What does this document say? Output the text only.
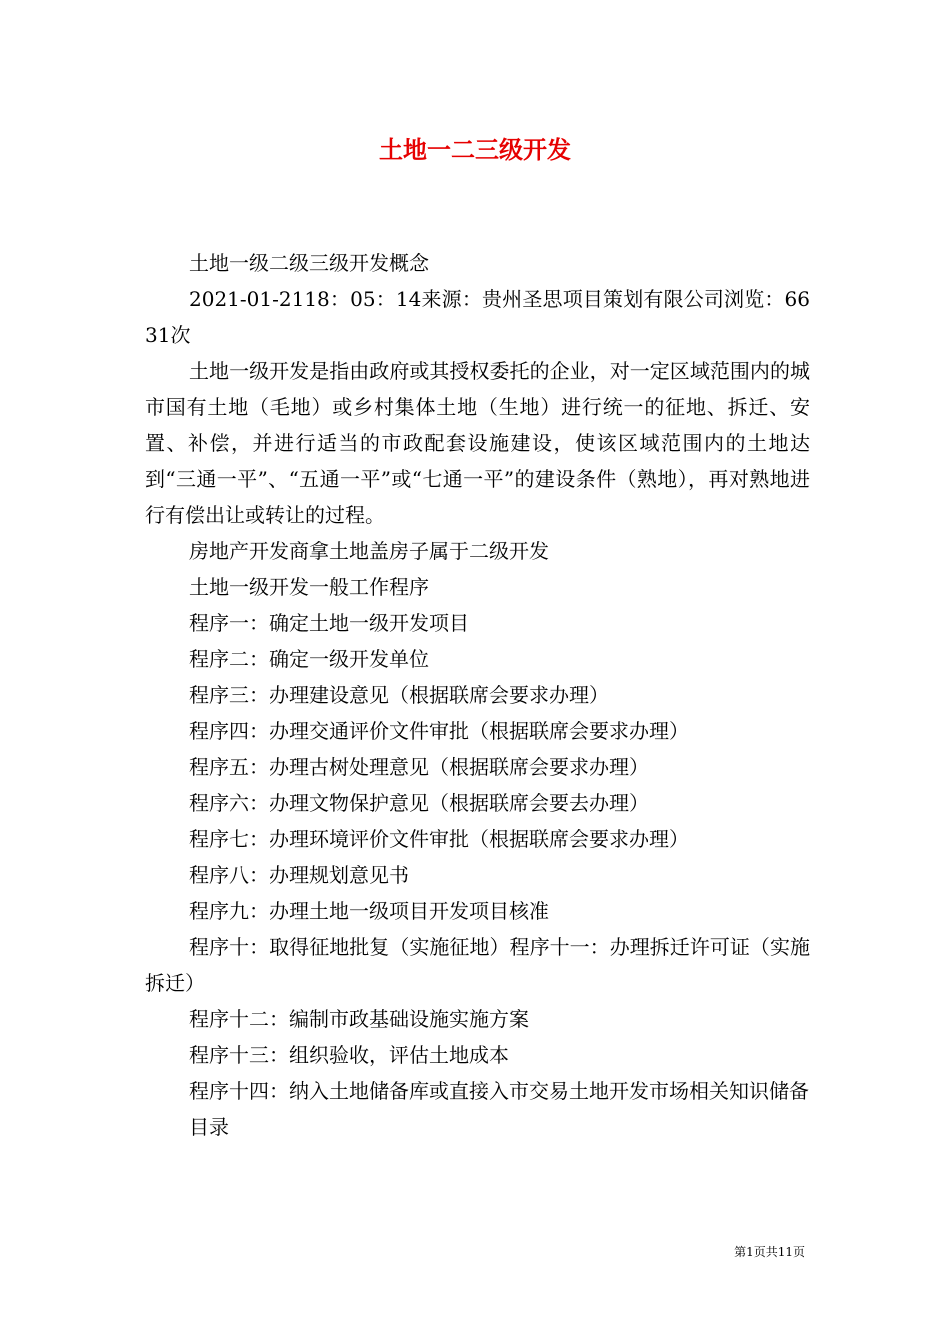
土地一二三级开发

土地一级二级三级开发概念

2021-01-2118：05：14来源：贵州圣思项目策划有限公司浏览：6631次

土地一级开发是指由政府或其授权委托的企业，对一定区域范围内的城市国有土地（毛地）或乡村集体土地（生地）进行统一的征地、拆迁、安置、补偿，并进行适当的市政配套设施建设，使该区域范围内的土地达到“三通一平”、“五通一平”或“七通一平”的建设条件（熟地），再对熟地进行有偿出让或转让的过程。

房地产开发商拿土地盖房子属于二级开发

土地一级开发一般工作程序

程序一：确定土地一级开发项目

程序二：确定一级开发单位

程序三：办理建设意见（根据联席会要求办理）

程序四：办理交通评价文件审批（根据联席会要求办理）

程序五：办理古树处理意见（根据联席会要求办理）

程序六：办理文物保护意见（根据联席会要去办理）

程序七：办理环境评价文件审批（根据联席会要求办理）

程序八：办理规划意见书

程序九：办理土地一级项目开发项目核准

程序十：取得征地批复（实施征地）程序十一：办理拆迁许可证（实施拆迁）

程序十二：编制市政基础设施实施方案

程序十三：组织验收，评估土地成本

程序十四：纳入土地储备库或直接入市交易土地开发市场相关知识储备

目录

第1页共11页
